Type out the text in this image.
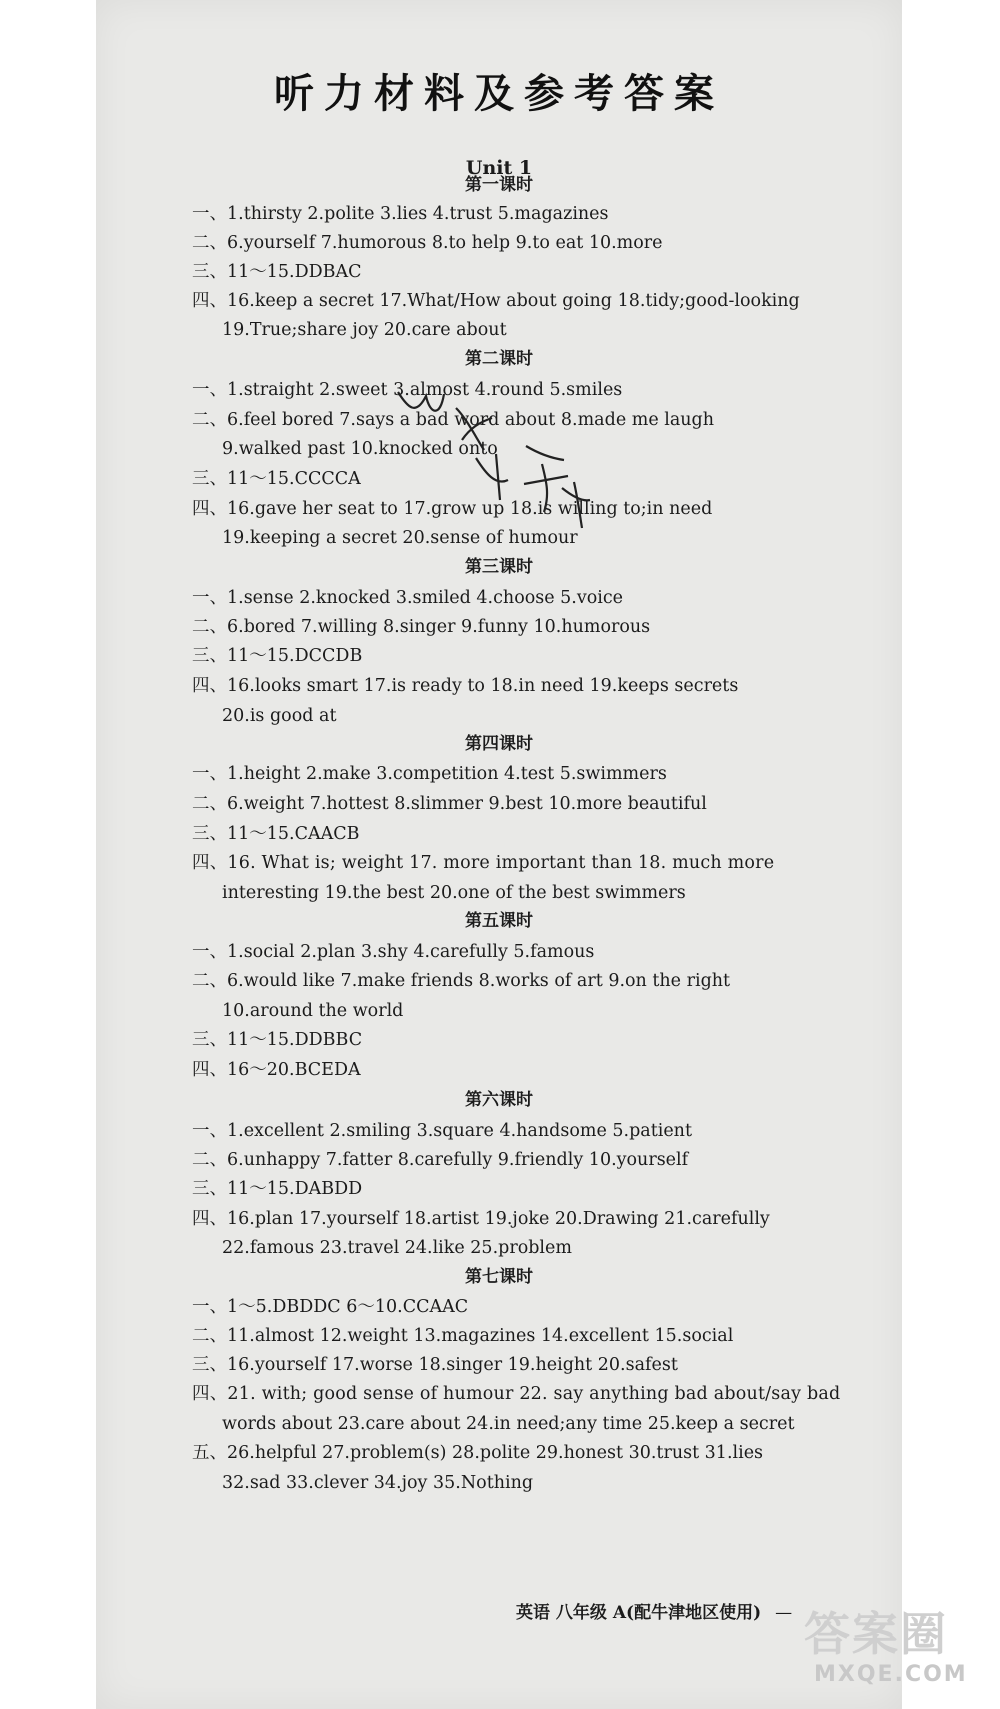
听力材料及参考答案
Unit 1
第一课时
一、1.thirsty 2.polite 3.lies 4.trust 5.magazines
二、6.yourself 7.humorous 8.to help 9.to eat 10.more
三、11～15.DDBAC
四、16.keep a secret 17.What/How about going 18.tidy;good-looking
19.True;share joy 20.care about
第二课时
一、1.straight 2.sweet 3.almost 4.round 5.smiles
二、6.feel bored 7.says a bad word about 8.made me laugh
9.walked past 10.knocked onto
三、11～15.CCCCA
四、16.gave her seat to 17.grow up 18.is willing to;in need
19.keeping a secret 20.sense of humour
第三课时
一、1.sense 2.knocked 3.smiled 4.choose 5.voice
二、6.bored 7.willing 8.singer 9.funny 10.humorous
三、11～15.DCCDB
四、16.looks smart 17.is ready to 18.in need 19.keeps secrets
20.is good at
第四课时
一、1.height 2.make 3.competition 4.test 5.swimmers
二、6.weight 7.hottest 8.slimmer 9.best 10.more beautiful
三、11～15.CAACB
四、16. What is; weight 17. more important than 18. much more
interesting 19.the best 20.one of the best swimmers
第五课时
一、1.social 2.plan 3.shy 4.carefully 5.famous
二、6.would like 7.make friends 8.works of art 9.on the right
10.around the world
三、11～15.DDBBC
四、16～20.BCEDA
第六课时
一、1.excellent 2.smiling 3.square 4.handsome 5.patient
二、6.unhappy 7.fatter 8.carefully 9.friendly 10.yourself
三、11～15.DABDD
四、16.plan 17.yourself 18.artist 19.joke 20.Drawing 21.carefully
22.famous 23.travel 24.like 25.problem
第七课时
一、1～5.DBDDC 6～10.CCAAC
二、11.almost 12.weight 13.magazines 14.excellent 15.social
三、16.yourself 17.worse 18.singer 19.height 20.safest
四、21. with; good sense of humour 22. say anything bad about/say bad
words about 23.care about 24.in need;any time 25.keep a secret
五、26.helpful 27.problem(s) 28.polite 29.honest 30.trust 31.lies
32.sad 33.clever 34.joy 35.Nothing
英语 八年级 A(配牛津地区使用) — 答案圈
MXQE.COM
